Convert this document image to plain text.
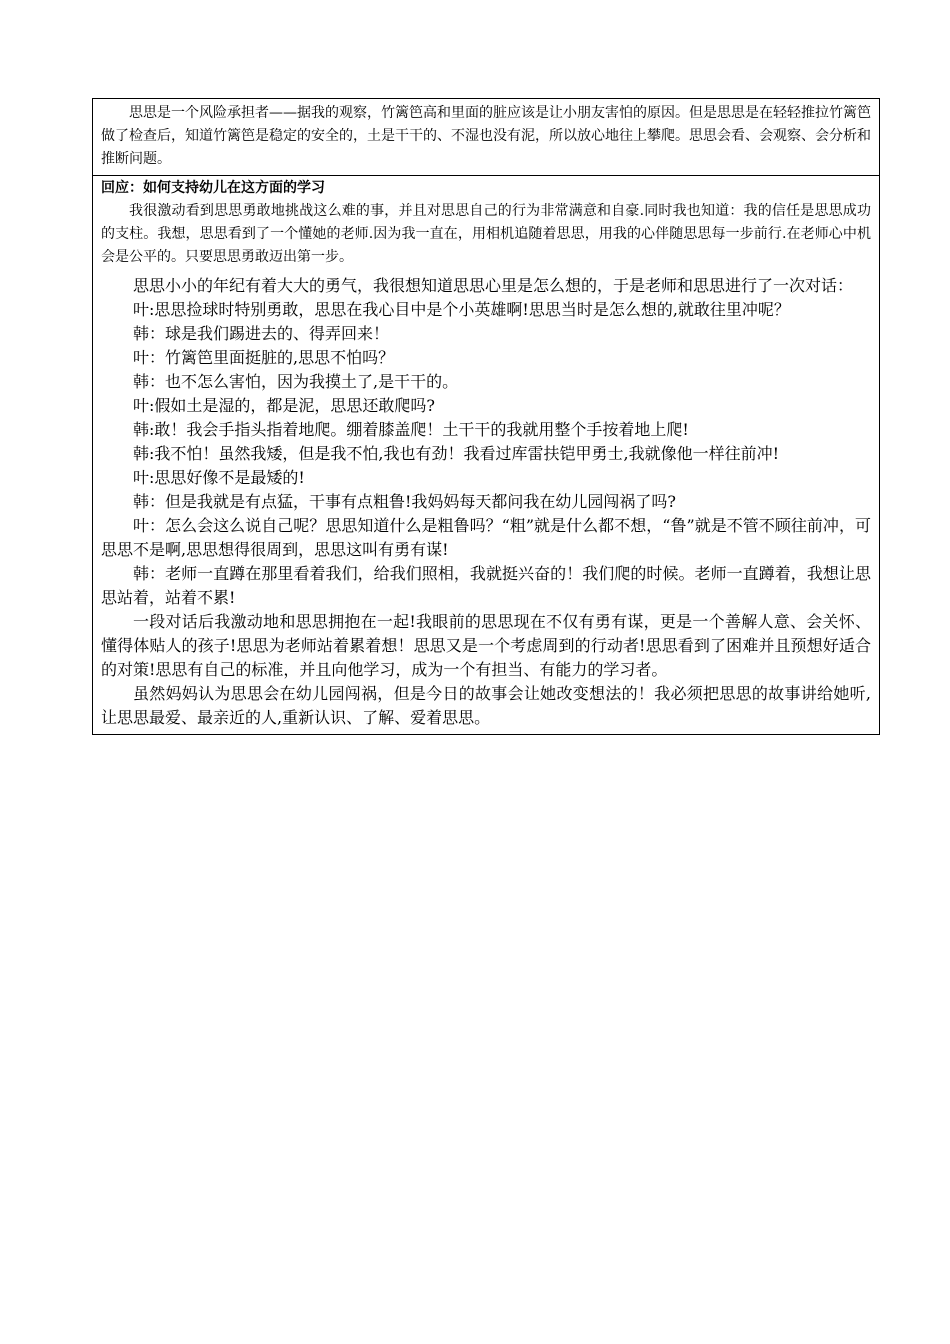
　　思思是一个风险承担者——据我的观察，竹篱笆高和里面的脏应该是让小朋友害怕的原因。但是思思是在轻轻推拉竹篱笆做了检查后，知道竹篱笆是稳定的安全的，土是干干的、不湿也没有泥，所以放心地往上攀爬。思思会看、会观察、会分析和推断问题。

回应：如何支持幼儿在这方面的学习

我很激动看到思思勇敢地挑战这么难的事，并且对思思自己的行为非常满意和自豪.同时我也知道：我的信任是思思成功的支柱。我想，思思看到了一个懂她的老师.因为我一直在，用相机追随着思思，用我的心伴随思思每一步前行.在老师心中机会是公平的。只要思思勇敢迈出第一步。

思思小小的年纪有着大大的勇气，我很想知道思思心里是怎么想的，于是老师和思思进行了一次对话：

叶:思思捡球时特别勇敢，思思在我心目中是个小英雄啊!思思当时是怎么想的,就敢往里冲呢？

韩：球是我们踢进去的、得弄回来！

叶：竹篱笆里面挺脏的,思思不怕吗？

韩：也不怎么害怕，因为我摸土了,是干干的。

叶:假如土是湿的，都是泥，思思还敢爬吗?

韩:敢！我会手指头指着地爬。绷着膝盖爬！土干干的我就用整个手按着地上爬!

韩:我不怕！虽然我矮，但是我不怕,我也有劲！我看过库雷扶铠甲勇士,我就像他一样往前冲!

叶:思思好像不是最矮的!

韩：但是我就是有点猛，干事有点粗鲁!我妈妈每天都问我在幼儿园闯祸了吗?

叶：怎么会这么说自己呢？思思知道什么是粗鲁吗？“粗”就是什么都不想，“鲁”就是不管不顾往前冲，可思思不是啊,思思想得很周到，思思这叫有勇有谋!

韩：老师一直蹲在那里看着我们，给我们照相，我就挺兴奋的！我们爬的时候。老师一直蹲着，我想让思思站着，站着不累!

一段对话后我激动地和思思拥抱在一起!我眼前的思思现在不仅有勇有谋，更是一个善解人意、会关怀、懂得体贴人的孩子!思思为老师站着累着想！思思又是一个考虑周到的行动者!思思看到了困难并且预想好适合的对策!思思有自己的标准，并且向他学习，成为一个有担当、有能力的学习者。

虽然妈妈认为思思会在幼儿园闯祸，但是今日的故事会让她改变想法的！我必须把思思的故事讲给她听,让思思最爱、最亲近的人,重新认识、了解、爱着思思。
